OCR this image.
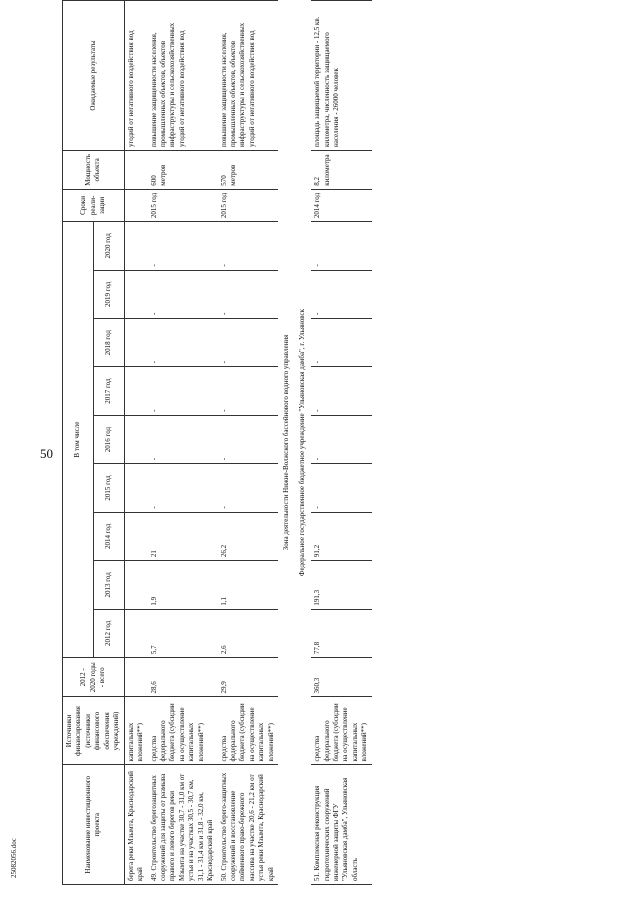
50
2508​2056.doc	Наименование инвестиционного проекта	Источники финансирования (источники финансового обеспечения учреждений)	2012 - 2020 годы - всего	В том числе									Сроки реали-зации	Мощность объекта	Ожидаемые результаты
			2012 год	2013 год	2014 год	2015 год	2016 год	2017 год	2018 год	2019 год	2020 год			
берега реки Мзымта, Краснодарский край	капитальных вложений**)													угодий от негативного воздействия вод
49. Строительство берегозащитных сооружений для защиты от размыва правого и левого берегов реки Мзымта на участке 30,7 - 31,0 км от устья и на участках 30,5 - 30,7 км, 31,1 - 31,4 км и 31,8 - 32,0 км, Краснодарский край	средства федерального бюджета (субсидии на осуществление капитальных вложений**)	28,6	5,7	1,9	21	-	-	-	-	-	-	2015 год	600 метров	повышение защищенности населения, промышленных объектов, объектов инфраструктуры и сельскохозяйственных угодий от негативного воздействия вод
50. Строительство берего-защитных сооружений и восстановление пойменного право-бережного массива на участке 20,6 - 21,2 км от устья реки Мзымта, Краснодарский край	средства федерального бюджета (субсидии на осуществление капитальных вложений**)	29,9	2,6	1,1	26,2	-	-	-	-	-	-	2015 год	570 метров	повышение защищенности населения, промышленных объектов, объектов инфраструктуры и сельскохозяйственных угодий от негативного воздействия вод

Зона деятельности Нижне-Волжского бассейнового водного управления Федеральное государственное бюджетное учреждение "Ульяновская дамба", г. Ульяновск														

51. Комплексная реконструкция гидротехнических сооружений инженерной защиты ФГУ "Ульяновская дамба", Ульяновская область	средства федерального бюджета (субсидии на осуществление капитальных вложений**)	360,3	77,8	191,3	91,2	-	-	-	-	-	-	2014 год	8,2 километра	площадь защищаемой территории - 12,5 кв. километра, численность защищаемого населения - 26000 человек
